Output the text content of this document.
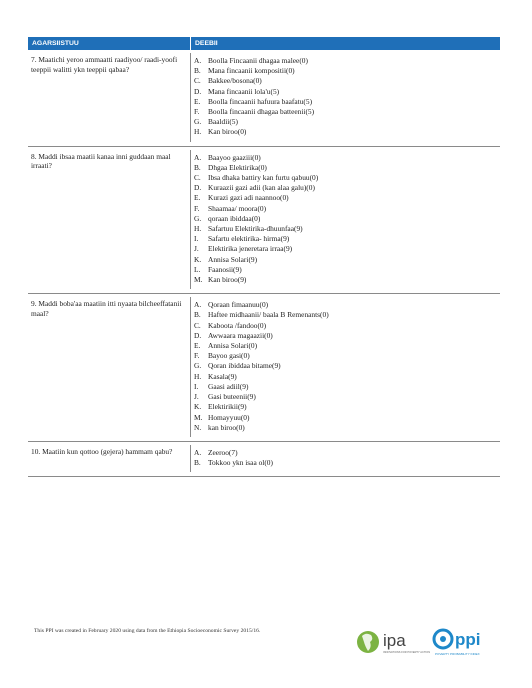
AGARSIISTUU	DEEBII
7. Maatichi yeroo ammaatti raadiyoo/ raadi-yoofi teeppii walitti ykn teeppii qabaa?
A. Boolla Fincaanii dhagaa malee(0)
B. Mana fincaanii kompositii(0)
C. Bakkee/bosona(0)
D. Mana fincaanii lola'u(5)
E.	Boolla fincaanii hafuura baafatu(5)
F.	Boolla fincaanii dhagaa batteenii(5)
G. Baaldii(5)
H. Kan biroo(0)
8. Maddi ibsaa maatii kanaa inni guddaan maal irraati?
A. Baayoo gaaziii(0)
B. Dhgaa Elektirika(0)
C. Ibsa dhaka battiry kan furtu qabuu(0)
D. Kuraazii gazi adii (kan alaa galu)(0)
E.	Kurazi gazi adi naannoo(0)
F.	Shaamaa/ moora(0)
G. qoraan ibiddaa(0)
H. Safartuu Elektirika-dhuunfaa(9)
I.	Safartu elektirika- hirma(9)
J.	Elektirika jeneretara irraa(9)
K. Annisa Solari(9)
L.	Faanosii(9)
M. Kan biroo(9)
9. Maddi boba'aa maatiin itti nyaata bilcheeffatanii maal?
A. Qoraan fimaanuu(0)
B. Haftee midhaanii/ baala B Remenants(0)
C. Kaboota /fandoo(0)
D. Awwaara magaazii(0)
E.	Annisa Solari(0)
F.	Bayoo gasi(0)
G. Qoran ibiddaa bitame(9)
H. Kasala(9)
I.	Gaasi adiil(9)
J.	Gasi buteenii(9)
K. Elektirikii(9)
M. Homayyuu(0)
N. kan biroo(0)
10. Maatiin kun qottoo (gejera) hammam qabu?	A. Zeeroo(7)
B. Tokkoo ykn isaa ol(0)
This PPI was created in February 2020 using data from the Ethiopia Socioeconomic Survey 2015/16.	ipa
INNOVATIONS FOR POVERTY ACTION
ppi
POVERTY PROBABILITY INDEX
